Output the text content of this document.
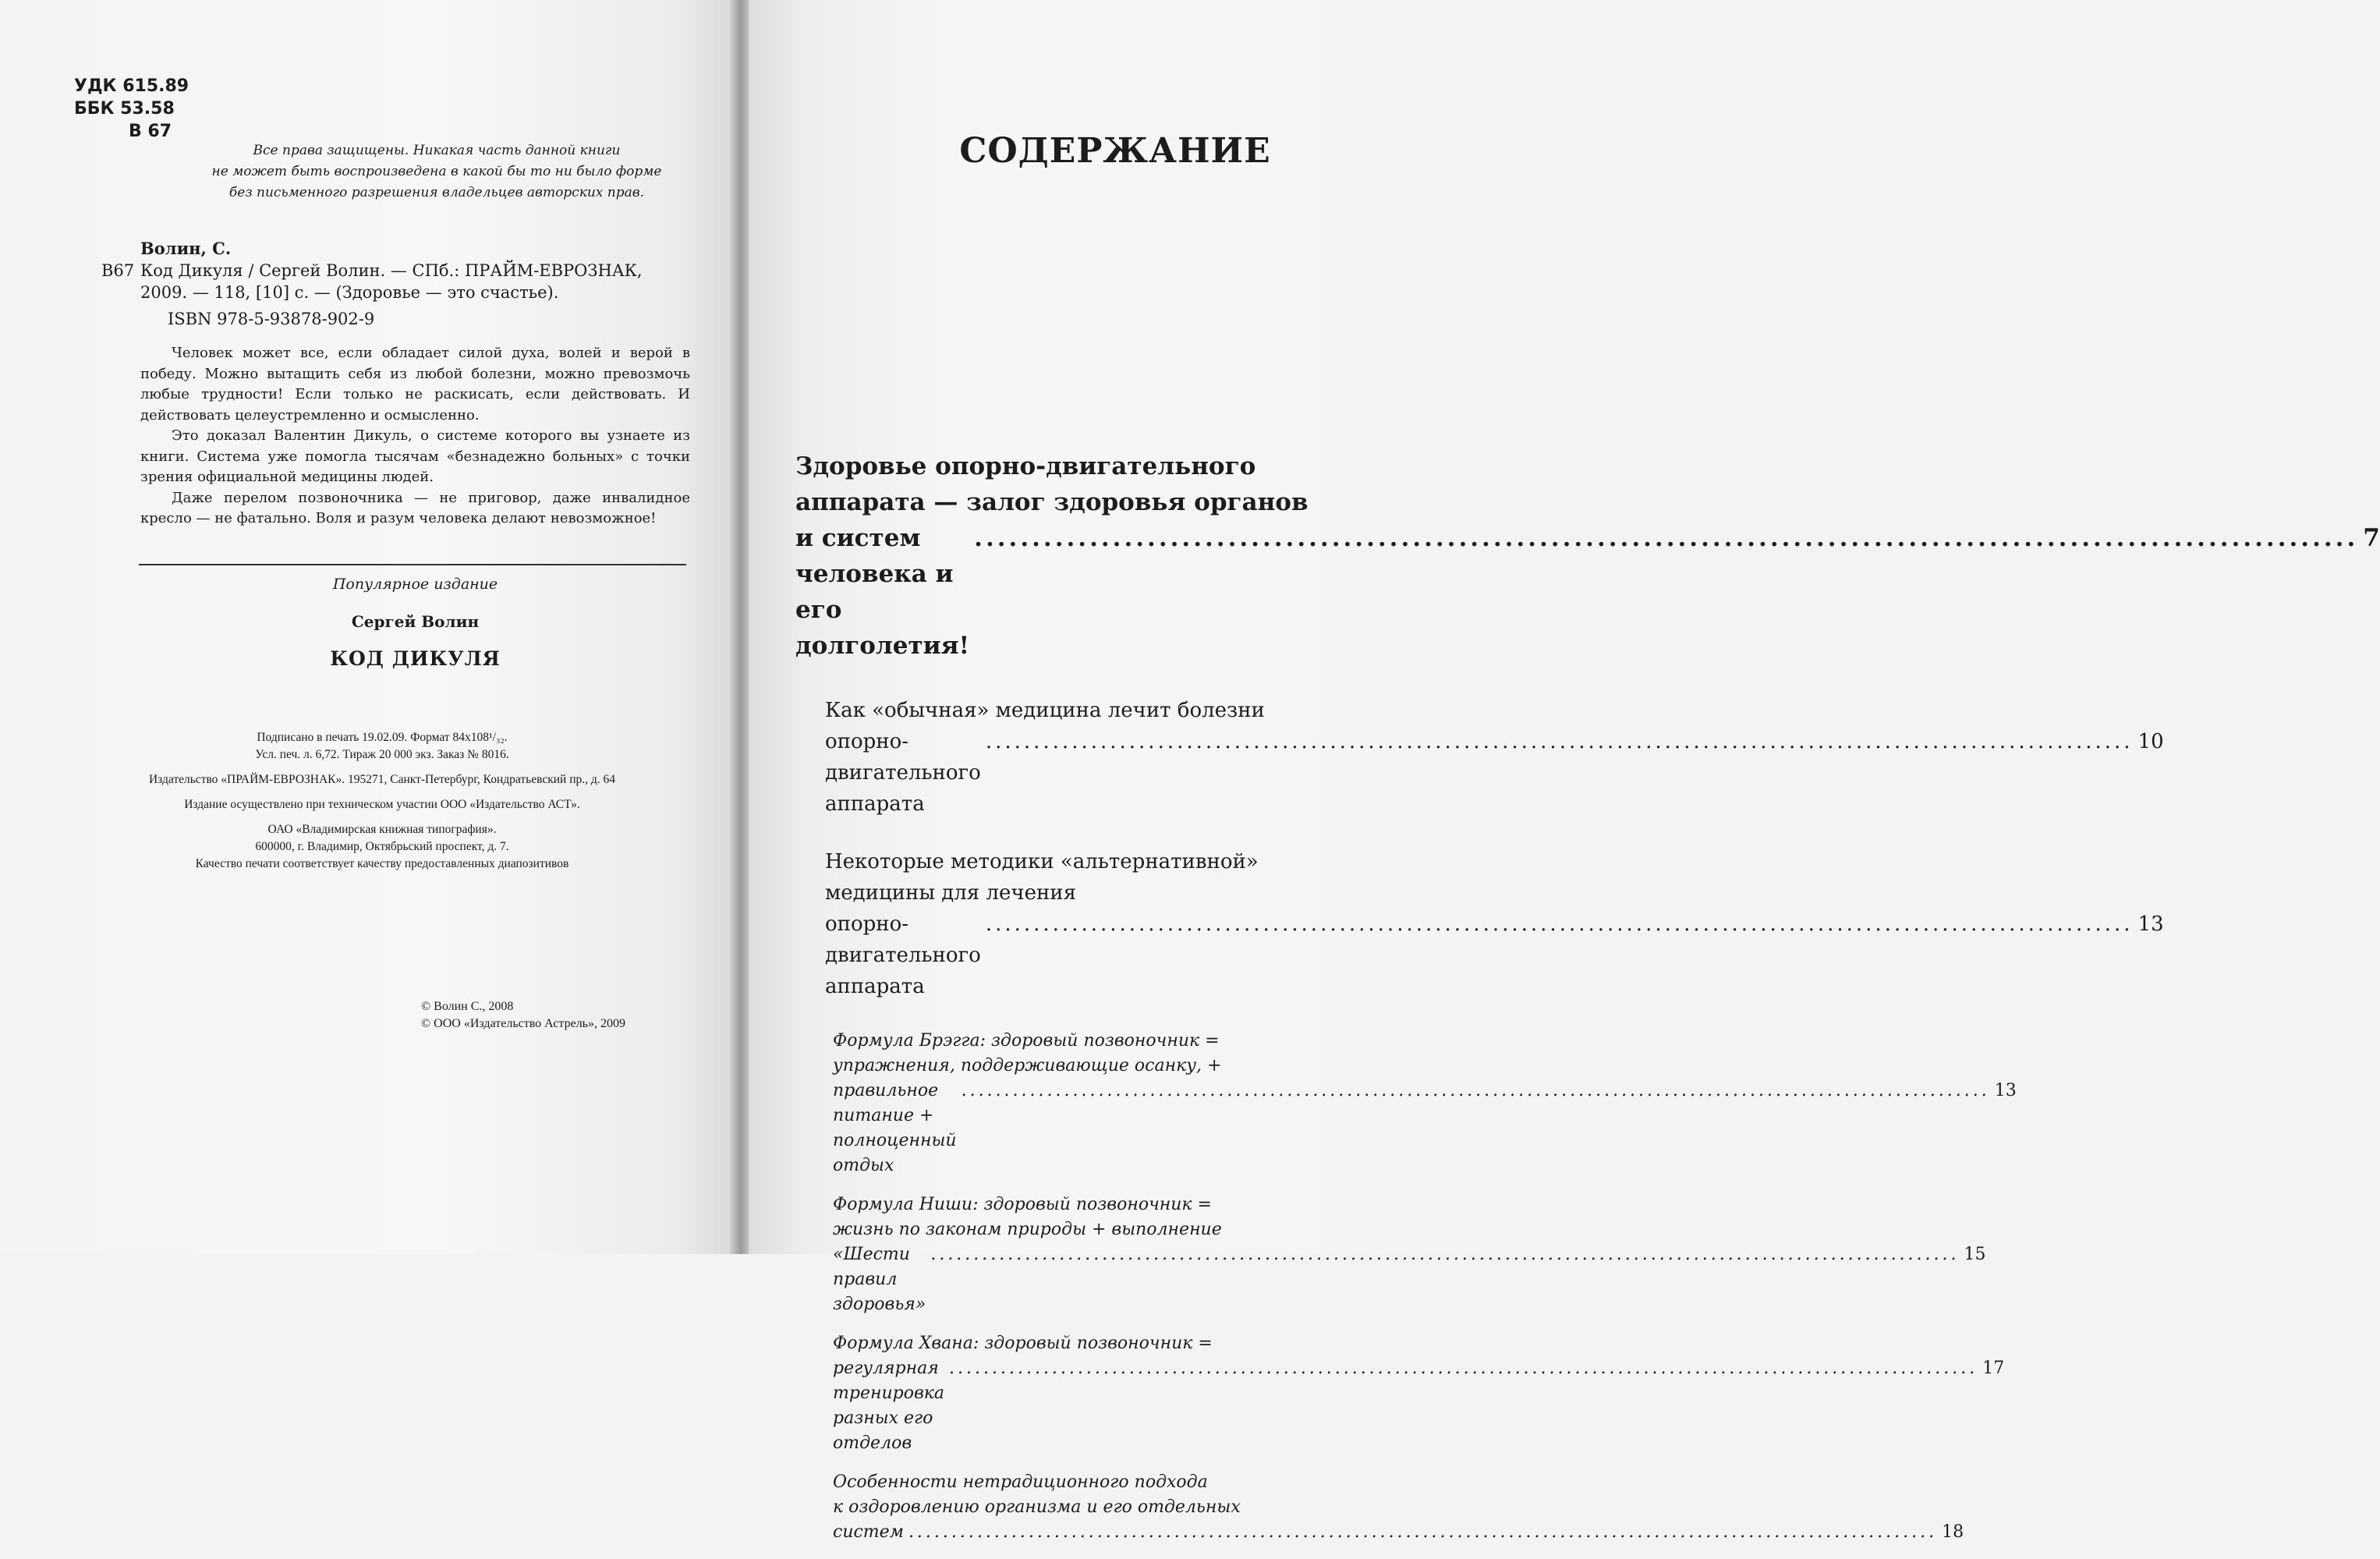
УДК 615.89
ББК 53.58
В 67
Все права защищены. Никакая часть данной книги
не может быть воспроизведена в какой бы то ни было форме
без письменного разрешения владельцев авторских прав.
Волин, С.
В67 Код Дикуля / Сергей Волин. — СПб.: ПРАЙМ-ЕВРОЗНАК,
2009. — 118, [10] с. — (Здоровье — это счастье).
ISBN 978-5-93878-902-9

Человек может все, если обладает силой духа, волей и верой в победу. Можно вытащить себя из любой болезни, можно превозмочь любые трудности! Если только не раскисать, если действовать. И действовать целеустремленно и осмысленно.

Это доказал Валентин Дикуль, о системе которого вы узнаете из книги. Система уже помогла тысячам «безнадежно больных» с точки зрения официальной медицины людей.

Даже перелом позвоночника — не приговор, даже инвалидное кресло — не фатально. Воля и разум человека делают невозможное!

Популярное издание
Сергей Волин
КОД ДИКУЛЯ
Подписано в печать 19.02.09. Формат 84x108¹/₃₂.
Усл. печ. л. 6,72. Тираж 20 000 экз. Заказ № 8016.
Издательство «ПРАЙМ-ЕВРОЗНАК». 195271, Санкт-Петербург, Кондратьевский пр., д. 64
Издание осуществлено при техническом участии ООО «Издательство АСТ».
ОАО «Владимирская книжная типография».
600000, г. Владимир, Октябрьский проспект, д. 7.
Качество печати соответствует качеству предоставленных диапозитивов
© Волин С., 2008
© ООО «Издательство Астрель», 2009
СОДЕРЖАНИЕ
Здоровье опорно-двигательного
аппарата — залог здоровья органов
и систем человека и его долголетия!
........................................................................................................................ 7
Как «обычная» медицина лечит болезни
опорно-двигательного аппарата
........................................................................................................................ 10
Некоторые методики «альтернативной»
медицины для лечения
опорно-двигательного аппарата
........................................................................................................................ 13
Формула Брэгга: здоровый позвоночник =
упражнения, поддерживающие осанку, +
правильное питание + полноценный отдых
........................................................................................................................ 13
Формула Ниши: здоровый позвоночник =
жизнь по законам природы + выполнение
«Шести правил здоровья»
........................................................................................................................ 15
Формула Хвана: здоровый позвоночник =
регулярная тренировка разных его отделов
........................................................................................................................ 17
Особенности нетрадиционного подхода
к оздоровлению организма и его отдельных
систем ........................................................................................................................ 18
